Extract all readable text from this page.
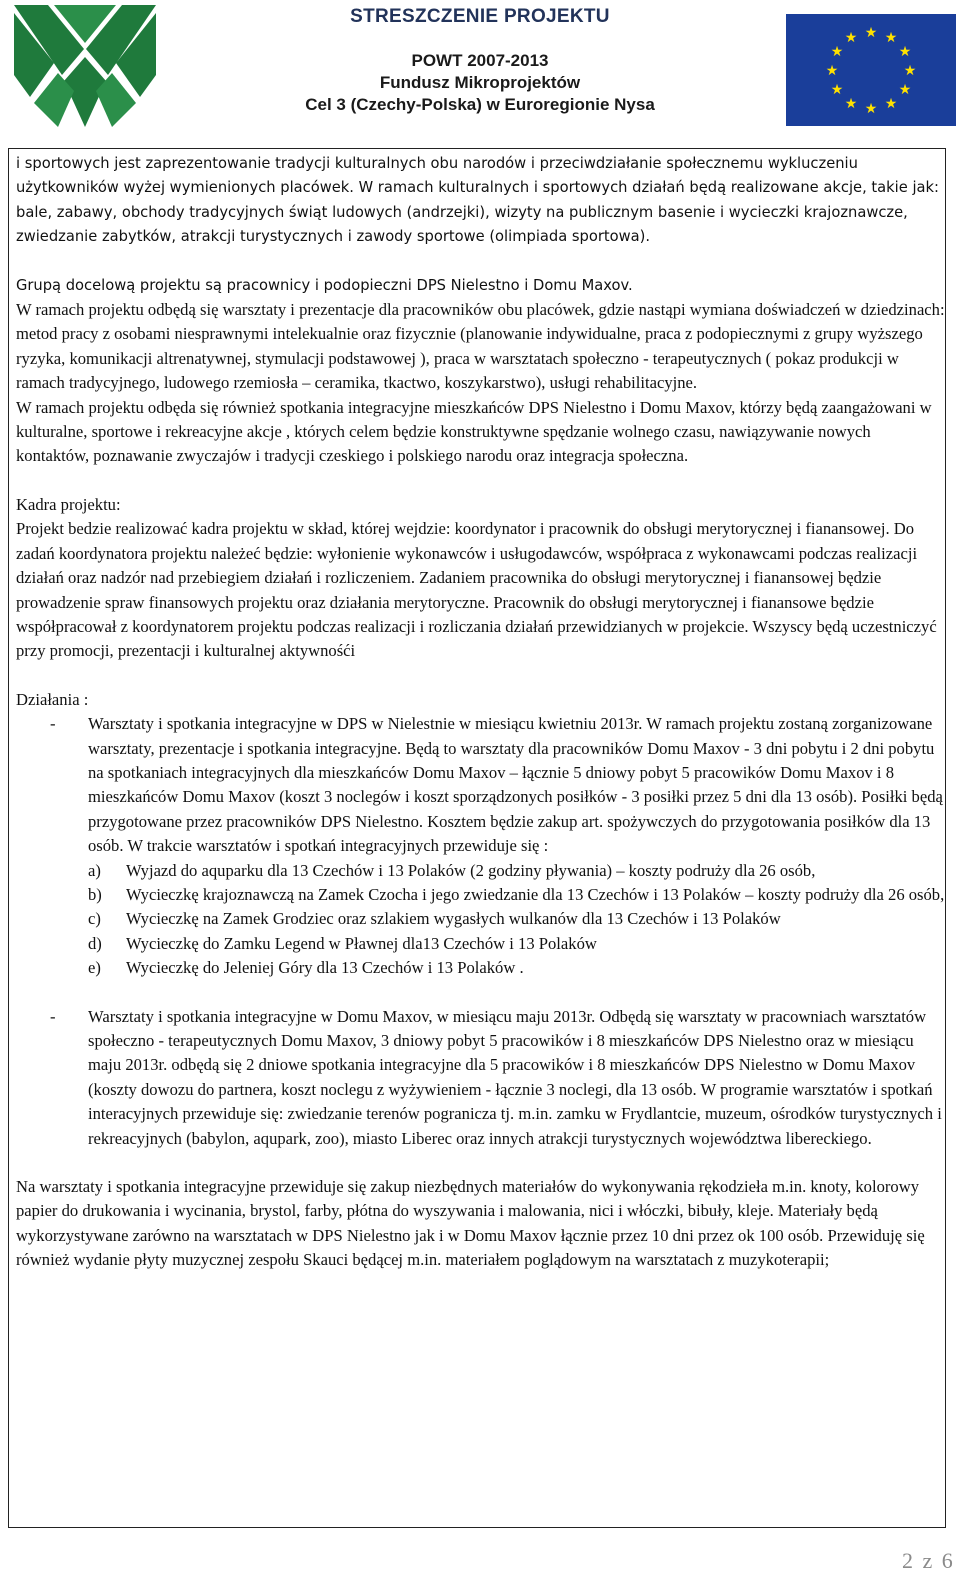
STRESZCZENIE PROJEKTU
POWT 2007-2013
Fundusz Mikroprojektów
Cel 3 (Czechy-Polska) w Euroregionie Nysa
★ ★
★
★
★
★
★
★
★
★
★
★

i sportowych jest zaprezentowanie tradycji kulturalnych obu narodów i przeciwdziałanie społecznemu wykluczeniu użytkowników wyżej wymienionych placówek. W ramach kulturalnych i sportowych działań będą realizowane akcje, takie jak: bale, zabawy, obchody tradycyjnych świąt ludowych (andrzejki), wizyty na publicznym basenie i wycieczki krajoznawcze, zwiedzanie zabytków, atrakcji turystycznych i zawody sportowe (olimpiada sportowa).

Grupą docelową projektu są pracownicy i podopieczni DPS Nielestno i Domu Maxov.

W ramach projektu odbędą się warsztaty i prezentacje dla pracowników obu placówek, gdzie nastąpi wymiana doświadczeń w dziedzinach: metod pracy z osobami niesprawnymi intelekualnie oraz fizycznie (planowanie indywidualne, praca z podopiecznymi z grupy wyższego ryzyka, komunikacji altrenatywnej, stymulacji podstawowej ), praca w warsztatach społeczno - terapeutycznych ( pokaz produkcji w ramach tradycyjnego, ludowego rzemiosła – ceramika, tkactwo, koszykarstwo), usługi rehabilitacyjne.

W ramach projektu odbęda się również spotkania integracyjne mieszkańców DPS Nielestno i Domu Maxov, którzy będą zaangażowani w kulturalne, sportowe i rekreacyjne akcje , których celem będzie konstruktywne spędzanie wolnego czasu, nawiązywanie nowych kontaktów, poznawanie zwyczajów i tradycji czeskiego i polskiego narodu oraz integracja społeczna.

Kadra projektu:

Projekt bedzie realizować kadra projektu w skład, której wejdzie: koordynator i pracownik do obsługi merytorycznej i fianansowej. Do zadań koordynatora projektu należeć będzie: wyłonienie wykonawców i usługodawców, współpraca z wykonawcami podczas realizacji działań oraz nadzór nad przebiegiem działań i rozliczeniem. Zadaniem pracownika do obsługi merytorycznej i fianansowej będzie prowadzenie spraw finansowych projektu oraz działania merytoryczne. Pracownik do obsługi merytorycznej i fianansowe będzie współpracował z koordynatorem projektu podczas realizacji i rozliczania działań przewidzianych w projekcie. Wszyscy będą uczestniczyć przy promocji, prezentacji i kulturalnej aktywnośći

Działania :

- Warsztaty i spotkania integracyjne w DPS w Nielestnie w miesiącu kwietniu 2013r. W ramach projektu zostaną zorganizowane warsztaty, prezentacje i spotkania integracyjne. Będą to warsztaty dla pracowników Domu Maxov - 3 dni pobytu i 2 dni pobytu na spotkaniach integracyjnych dla mieszkańców Domu Maxov – łącznie 5 dniowy pobyt 5 pracowików Domu Maxov i 8 mieszkańców Domu Maxov (koszt 3 noclegów i koszt sporządzonych posiłków - 3 posiłki przez 5 dni dla 13 osób). Posiłki będą przygotowane przez pracowników DPS Nielestno. Kosztem będzie zakup art. spożywczych do przygotowania posiłków dla 13 osób. W trakcie warsztatów i spotkań integracyjnych przewiduje się :
a) Wyjazd do aquparku dla 13 Czechów i 13 Polaków (2 godziny pływania) – koszty podruży dla 26 osób,
b) Wycieczkę krajoznawczą na Zamek Czocha i jego zwiedzanie dla 13 Czechów i 13 Polaków – koszty podruży dla 26 osób,
c) Wycieczkę na Zamek Grodziec oraz szlakiem wygasłych wulkanów dla 13 Czechów i 13 Polaków
d) Wycieczkę do Zamku Legend w Pławnej dla13 Czechów i 13 Polaków
e) Wycieczkę do Jeleniej Góry dla 13 Czechów i 13 Polaków .
- Warsztaty i spotkania integracyjne w Domu Maxov, w miesiącu maju 2013r. Odbędą się warsztaty w pracowniach warsztatów społeczno - terapeutycznych Domu Maxov, 3 dniowy pobyt 5 pracowików i 8 mieszkańców DPS Nielestno oraz w miesiącu maju 2013r. odbędą się 2 dniowe spotkania integracyjne dla 5 pracowików i 8 mieszkańców DPS Nielestno w Domu Maxov (koszty dowozu do partnera, koszt noclegu z wyżywieniem - łącznie 3 noclegi, dla 13 osób. W programie warsztatów i spotkań interacyjnych przewiduje się: zwiedzanie terenów pogranicza tj. m.in. zamku w Frydlantcie, muzeum, ośrodków turystycznych i rekreacyjnych (babylon, aqupark, zoo), miasto Liberec oraz innych atrakcji turystycznych województwa libereckiego.

Na warsztaty i spotkania integracyjne przewiduje się zakup niezbędnych materiałów do wykonywania rękodzieła m.in. knoty, kolorowy papier do drukowania i wycinania, brystol, farby, płótna do wyszywania i malowania, nici i włóczki, bibuły, kleje. Materiały będą wykorzystywane zarówno na warsztatach w DPS Nielestno jak i w Domu Maxov łącznie przez 10 dni przez ok 100 osób. Przewiduję się również wydanie płyty muzycznej zespołu Skauci będącej m.in. materiałem poglądowym na warsztatach z muzykoterapii;

2 z 6
